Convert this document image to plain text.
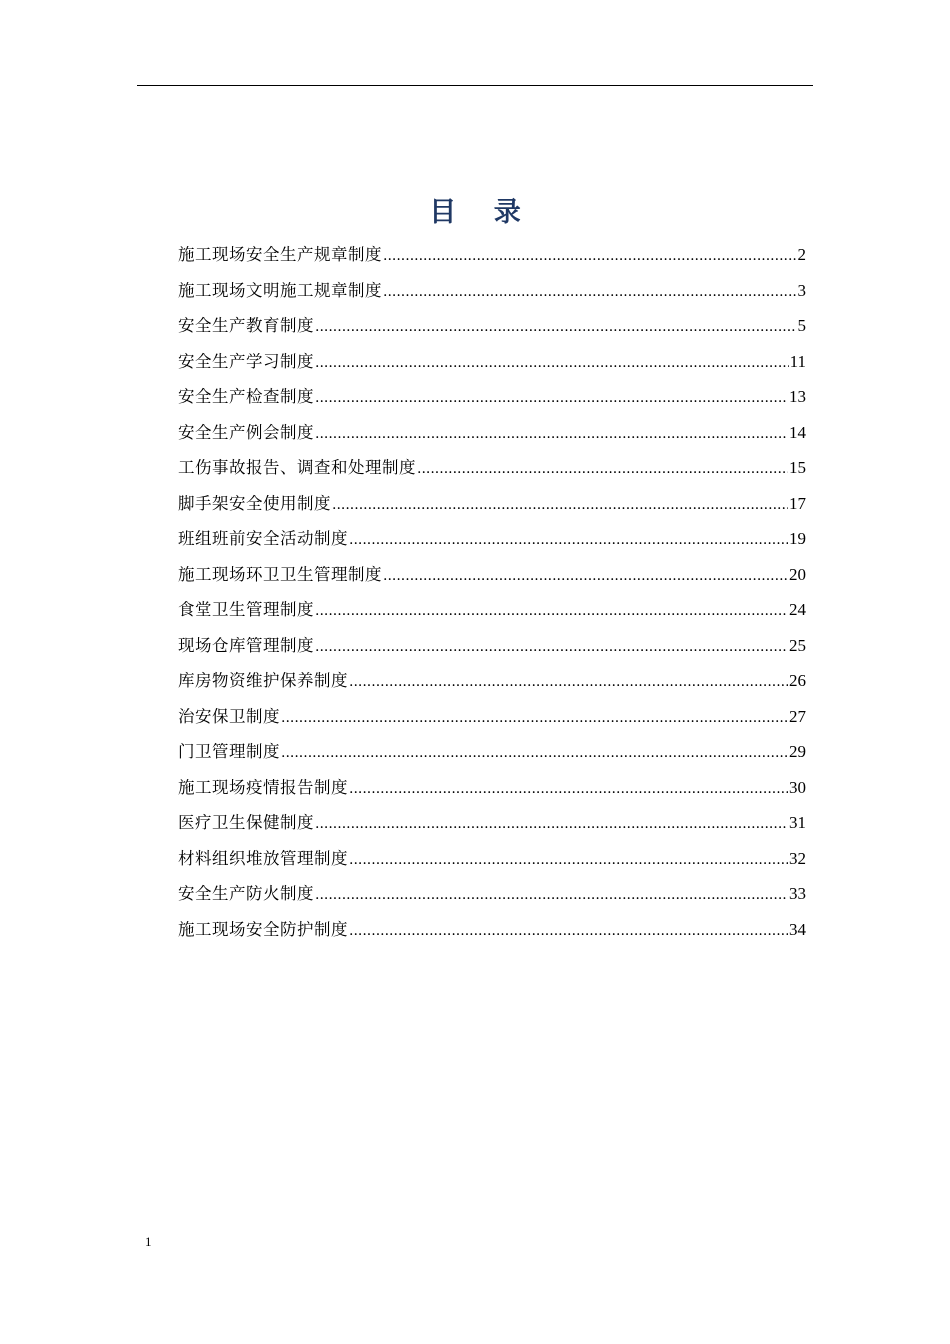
目 录
施工现场安全生产规章制度 .....	2
施工现场文明施工规章制度 .....	3
安全生产教育制度 .....	5
安全生产学习制度 .....	11
安全生产检查制度 .....	13
安全生产例会制度 .....	14
工伤事故报告、调查和处理制度 .....	15
脚手架安全使用制度 .....	17
班组班前安全活动制度 .....	19
施工现场环卫卫生管理制度 .....	20
食堂卫生管理制度 .....	24
现场仓库管理制度 .....	25
库房物资维护保养制度 .....	26
治安保卫制度 .....	27
门卫管理制度 .....	29
施工现场疫情报告制度 .....	30
医疗卫生保健制度 .....	31
材料组织堆放管理制度 .....	32
安全生产防火制度 .....	33
施工现场安全防护制度 .....	34
1
